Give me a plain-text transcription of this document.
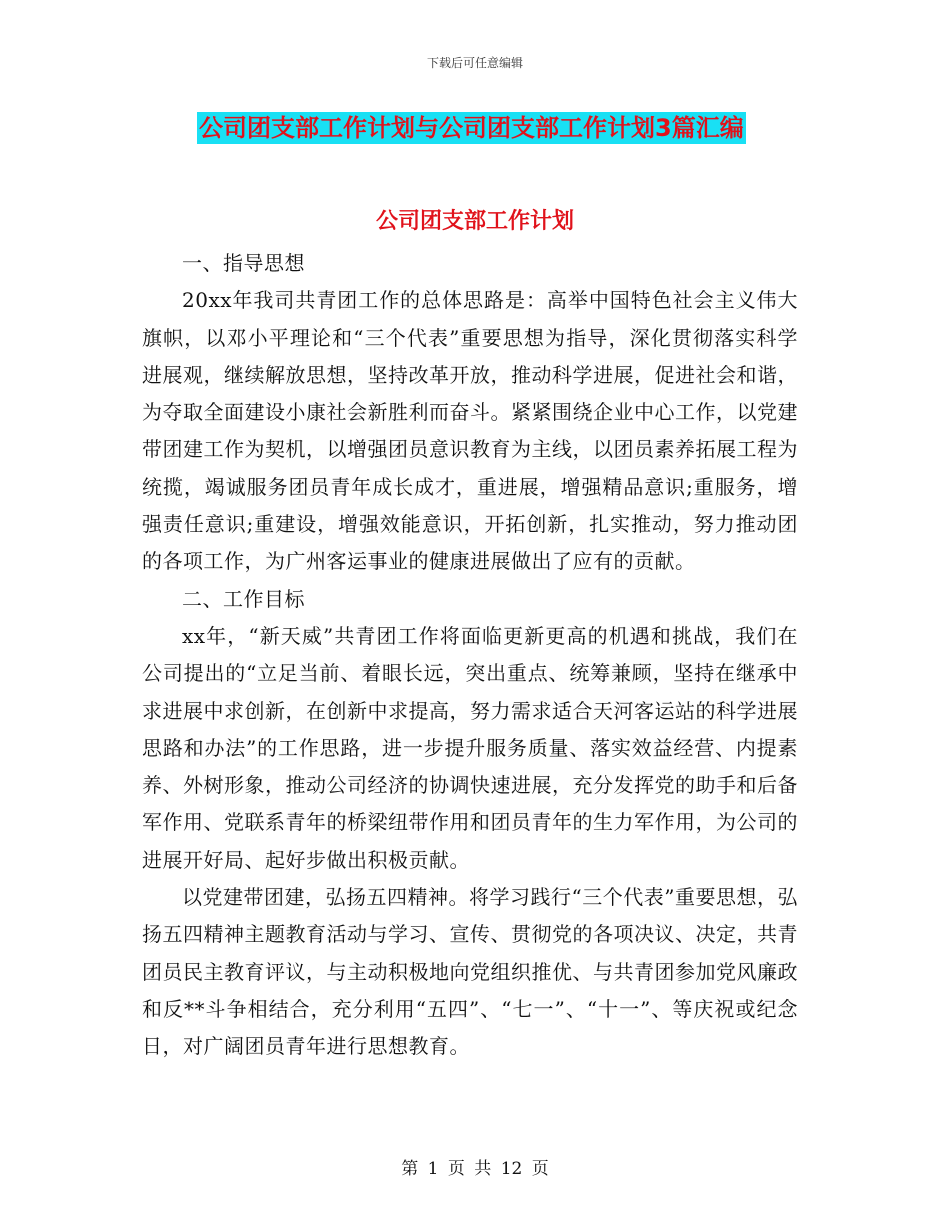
下载后可任意编辑
公司团支部工作计划与公司团支部工作计划3篇汇编
公司团支部工作计划

一、指导思想

20xx年我司共青团工作的总体思路是：高举中国特色社会主义伟大旗帜，以邓小平理论和“三个代表”重要思想为指导，深化贯彻落实科学进展观，继续解放思想，坚持改革开放，推动科学进展，促进社会和谐，为夺取全面建设小康社会新胜利而奋斗。紧紧围绕企业中心工作，以党建带团建工作为契机，以增强团员意识教育为主线，以团员素养拓展工程为统揽，竭诚服务团员青年成长成才，重进展，增强精品意识;重服务，增强责任意识;重建设，增强效能意识，开拓创新，扎实推动，努力推动团的各项工作，为广州客运事业的健康进展做出了应有的贡献。

二、工作目标

xx年，“新天威”共青团工作将面临更新更高的机遇和挑战，我们在公司提出的“立足当前、着眼长远，突出重点、统筹兼顾，坚持在继承中求进展中求创新，在创新中求提高，努力需求适合天河客运站的科学进展思路和办法”的工作思路，进一步提升服务质量、落实效益经营、内提素养、外树形象，推动公司经济的协调快速进展，充分发挥党的助手和后备军作用、党联系青年的桥梁纽带作用和团员青年的生力军作用，为公司的进展开好局、起好步做出积极贡献。

以党建带团建，弘扬五四精神。将学习践行“三个代表”重要思想，弘扬五四精神主题教育活动与学习、宣传、贯彻党的各项决议、决定，共青团员民主教育评议，与主动积极地向党组织推优、与共青团参加党风廉政和反**斗争相结合，充分利用“五四”、“七一”、“十一”、等庆祝或纪念日，对广阔团员青年进行思想教育。

第 1 页 共 12 页
